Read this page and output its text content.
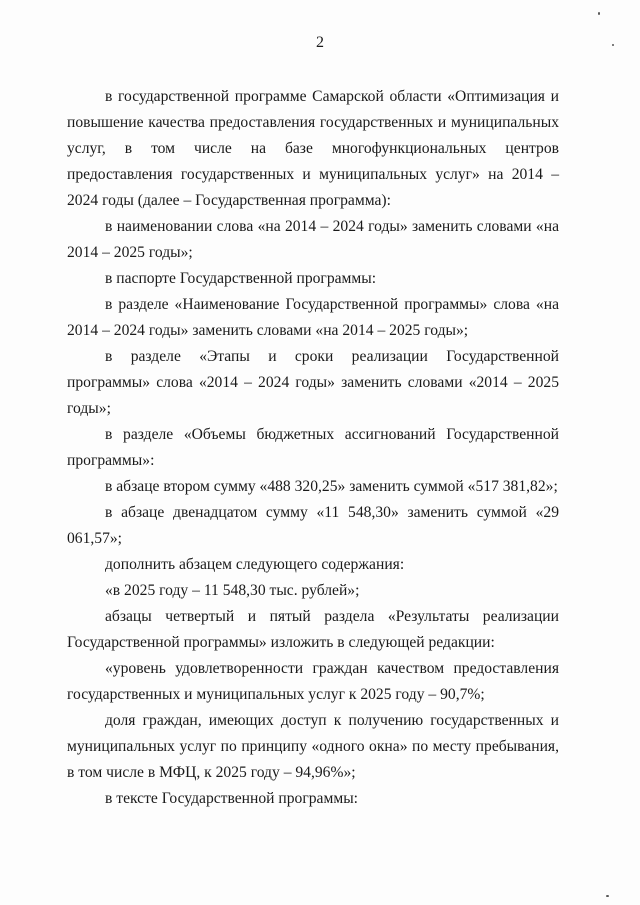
2

в государственной программе Самарской области «Оптимизация и повышение качества предоставления государственных и муниципальных услуг, в том числе на базе многофункциональных центров предоставления государственных и муниципальных услуг» на 2014 – 2024 годы (далее – Государственная программа):

в наименовании слова «на 2014 – 2024 годы» заменить словами «на 2014 – 2025 годы»;

в паспорте Государственной программы:

в разделе «Наименование Государственной программы» слова «на 2014 – 2024 годы» заменить словами «на 2014 – 2025 годы»;

в разделе «Этапы и сроки реализации Государственной программы» слова «2014 – 2024 годы» заменить словами «2014 – 2025 годы»;

в разделе «Объемы бюджетных ассигнований Государственной программы»:

в абзаце втором сумму «488 320,25» заменить суммой «517 381,82»;

в абзаце двенадцатом сумму «11 548,30» заменить суммой «29 061,57»;

дополнить абзацем следующего содержания:

«в 2025 году – 11 548,30 тыс. рублей»;

абзацы четвертый и пятый раздела «Результаты реализации Государственной программы» изложить в следующей редакции:

«уровень удовлетворенности граждан качеством предоставления государственных и муниципальных услуг к 2025 году – 90,7%;

доля граждан, имеющих доступ к получению государственных и муниципальных услуг по принципу «одного окна» по месту пребывания, в том числе в МФЦ, к 2025 году – 94,96%»;

в тексте Государственной программы:
